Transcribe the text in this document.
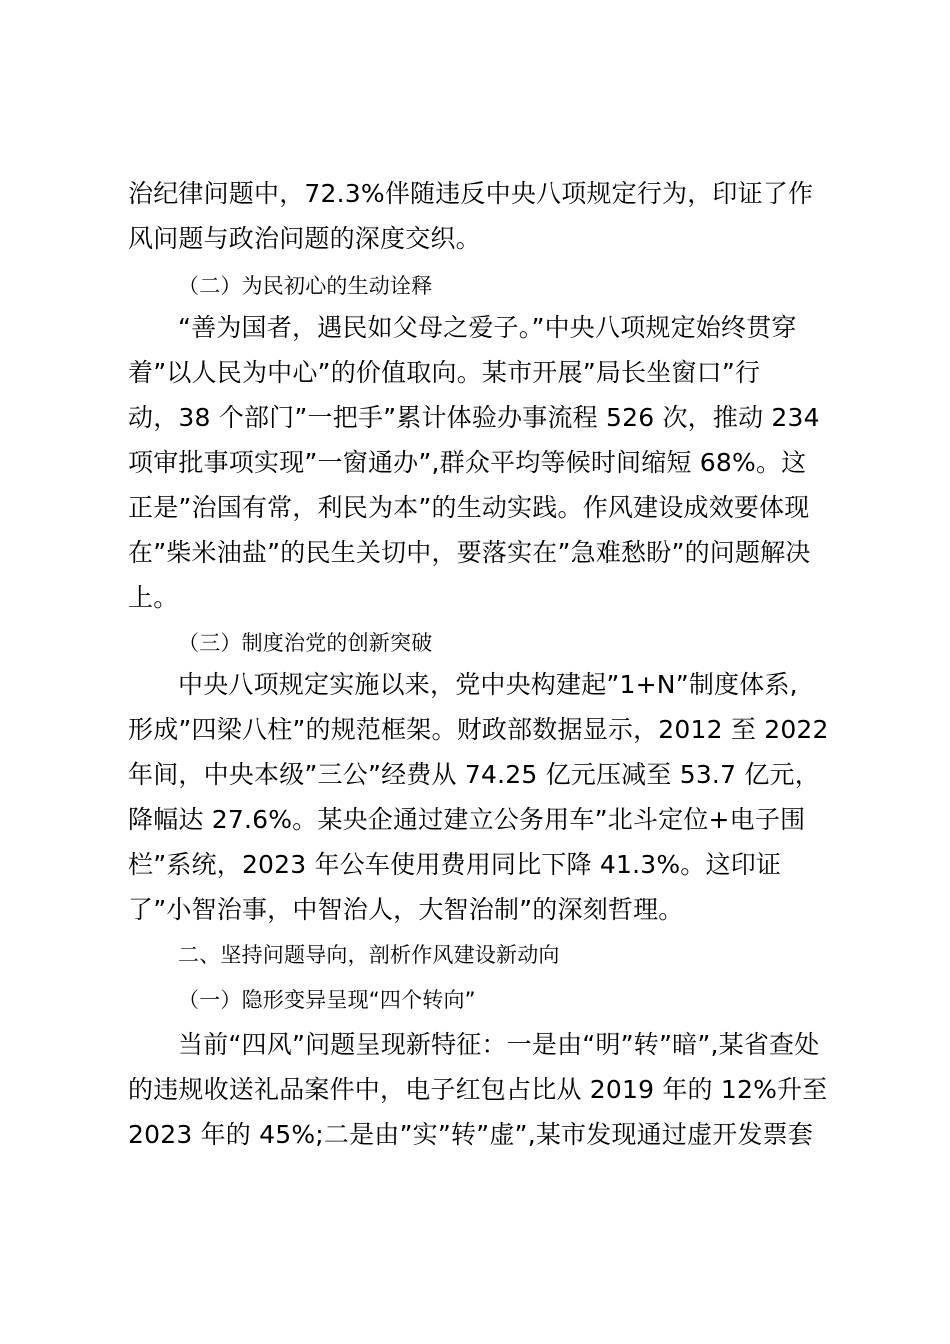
治纪律问题中，72.3%伴随违反中央八项规定行为，印证了作
风问题与政治问题的深度交织。
（二）为民初心的生动诠释
“善为国者，遇民如父母之爱子。”中央八项规定始终贯穿
着”以人民为中心”的价值取向。某市开展”局长坐窗口”行
动，38 个部门”一把手”累计体验办事流程 526 次，推动 234
项审批事项实现”一窗通办”,群众平均等候时间缩短 68%。这
正是”治国有常，利民为本”的生动实践。作风建设成效要体现
在”柴米油盐”的民生关切中，要落实在”急难愁盼”的问题解决
上。
（三）制度治党的创新突破
中央八项规定实施以来，党中央构建起”1+N”制度体系,
形成”四梁八柱”的规范框架。财政部数据显示，2012 至 2022
年间，中央本级”三公”经费从 74.25 亿元压减至 53.7 亿元，
降幅达 27.6%。某央企通过建立公务用车”北斗定位+电子围
栏”系统，2023 年公车使用费用同比下降 41.3%。这印证
了”小智治事，中智治人，大智治制”的深刻哲理。
二、坚持问题导向，剖析作风建设新动向
（一）隐形变异呈现“四个转向”
当前“四风”问题呈现新特征：一是由“明”转”暗”,某省查处
的违规收送礼品案件中，电子红包占比从 2019 年的 12%升至
2023 年的 45%;二是由”实”转”虚”,某市发现通过虚开发票套
